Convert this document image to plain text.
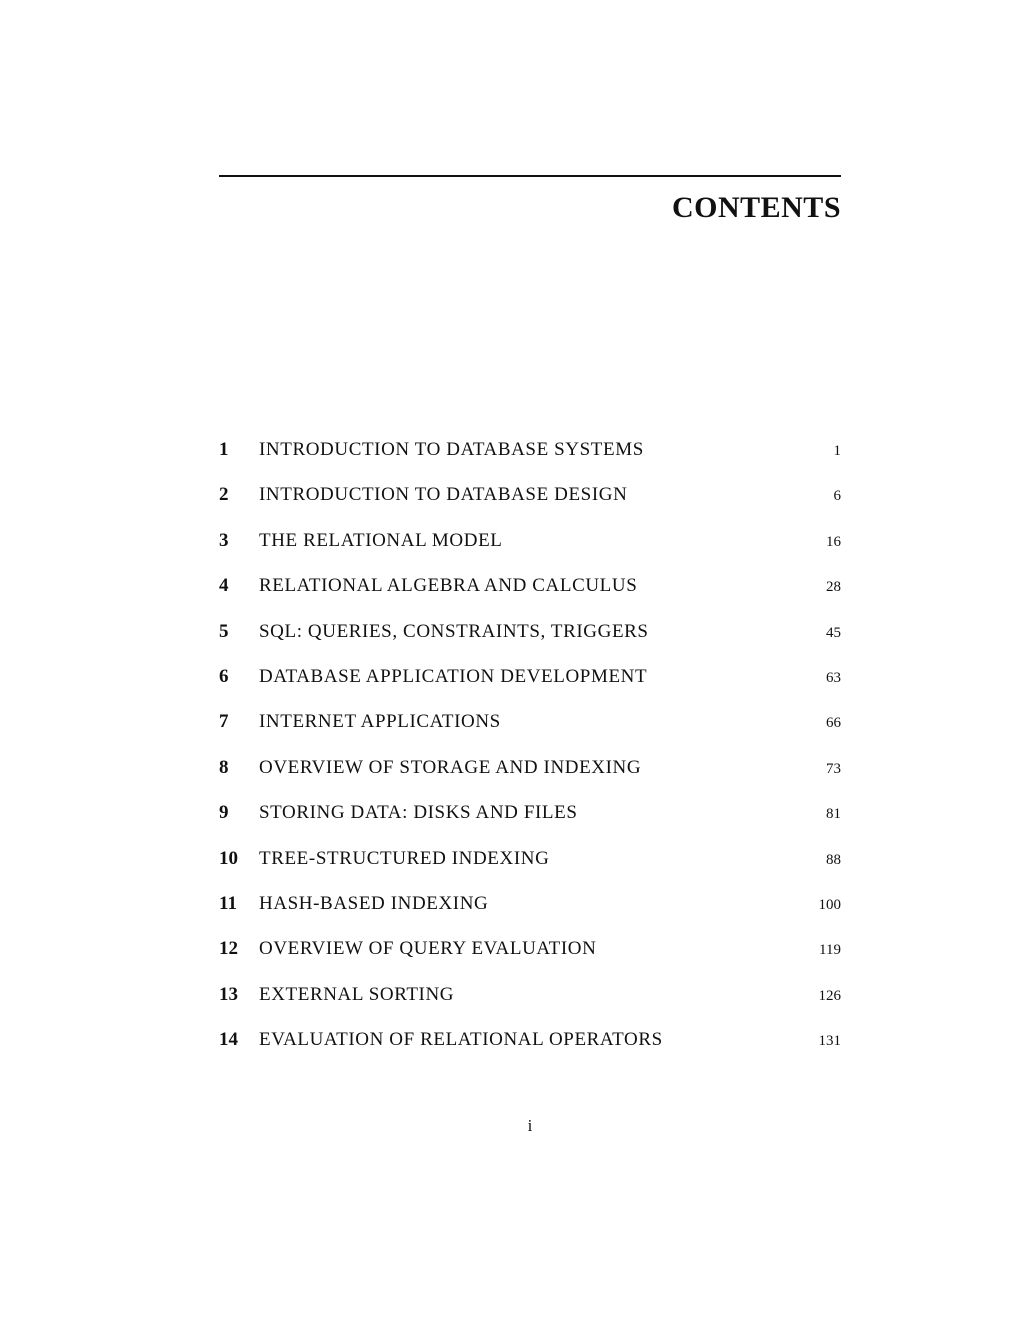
CONTENTS
1	INTRODUCTION TO DATABASE SYSTEMS	1
2	INTRODUCTION TO DATABASE DESIGN	6
3	THE RELATIONAL MODEL	16
4	RELATIONAL ALGEBRA AND CALCULUS	28
5	SQL: QUERIES, CONSTRAINTS, TRIGGERS	45
6	DATABASE APPLICATION DEVELOPMENT	63
7	INTERNET APPLICATIONS	66
8	OVERVIEW OF STORAGE AND INDEXING	73
9	STORING DATA: DISKS AND FILES	81
10	TREE-STRUCTURED INDEXING	88
11	HASH-BASED INDEXING	100
12	OVERVIEW OF QUERY EVALUATION	119
13	EXTERNAL SORTING	126
14	EVALUATION OF RELATIONAL OPERATORS	131
i
